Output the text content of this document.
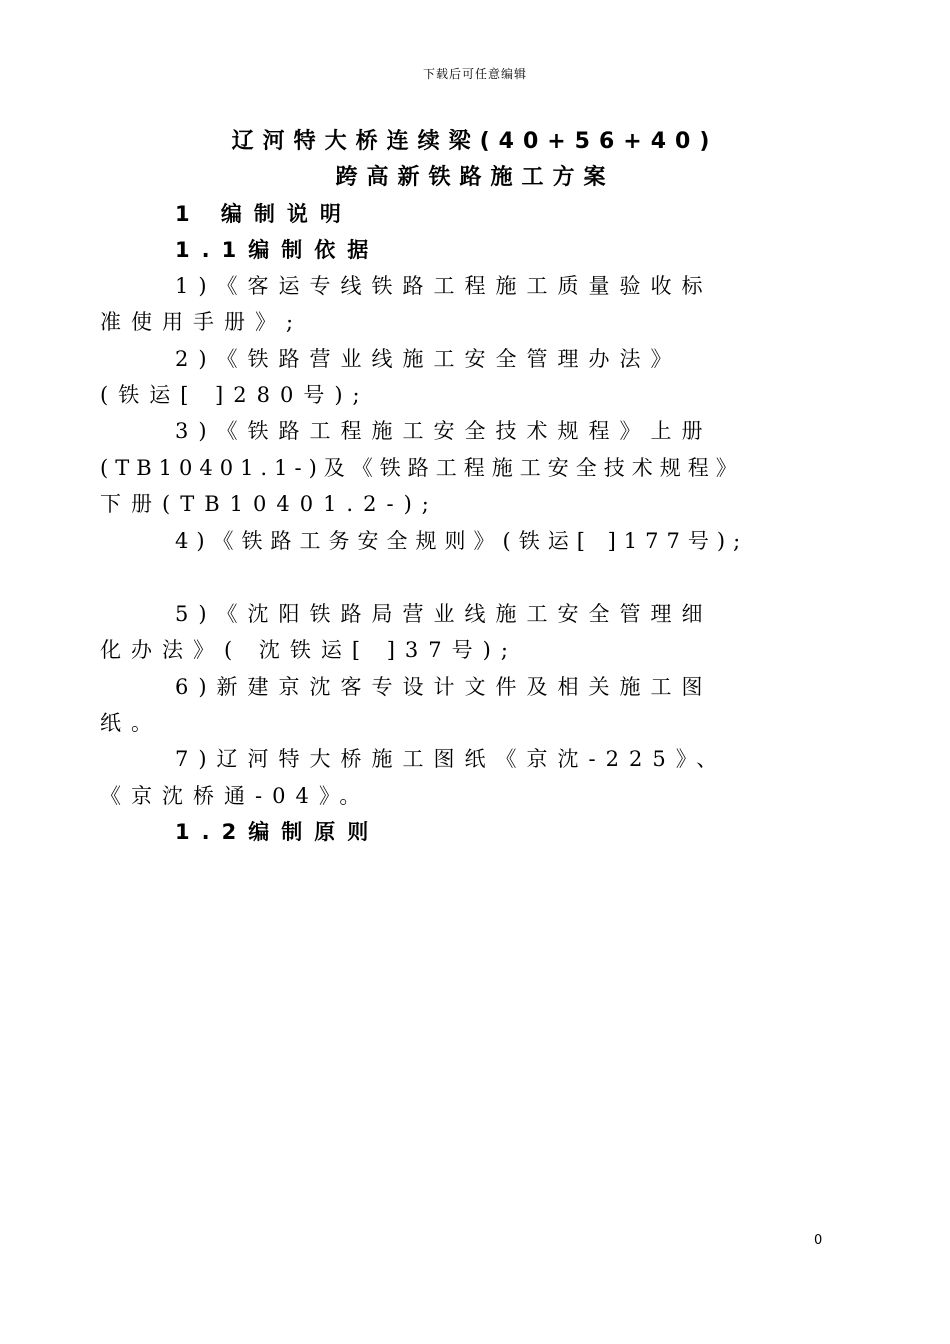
下载后可任意编辑
辽河特大桥连续梁(40+56+40)
跨高新铁路施工方案
1 编制说明
1.1编制依据
1)《客运专线铁路工程施工质量验收标
准使用手册》;
2)《铁路营业线施工安全管理办法》
(铁运[ ]280号);
3)《铁路工程施工安全技术规程》上册
(TB10401.1-)及《铁路工程施工安全技术规程》
下册(TB10401.2-);
4)《铁路工务安全规则》(铁运[ ]177号);
5)《沈阳铁路局营业线施工安全管理细
化办法》( 沈铁运[ ]37号);
6)新建京沈客专设计文件及相关施工图
纸。
7)辽河特大桥施工图纸《京沈-225》、
《京沈桥通-04》。
1.2编制原则
0
